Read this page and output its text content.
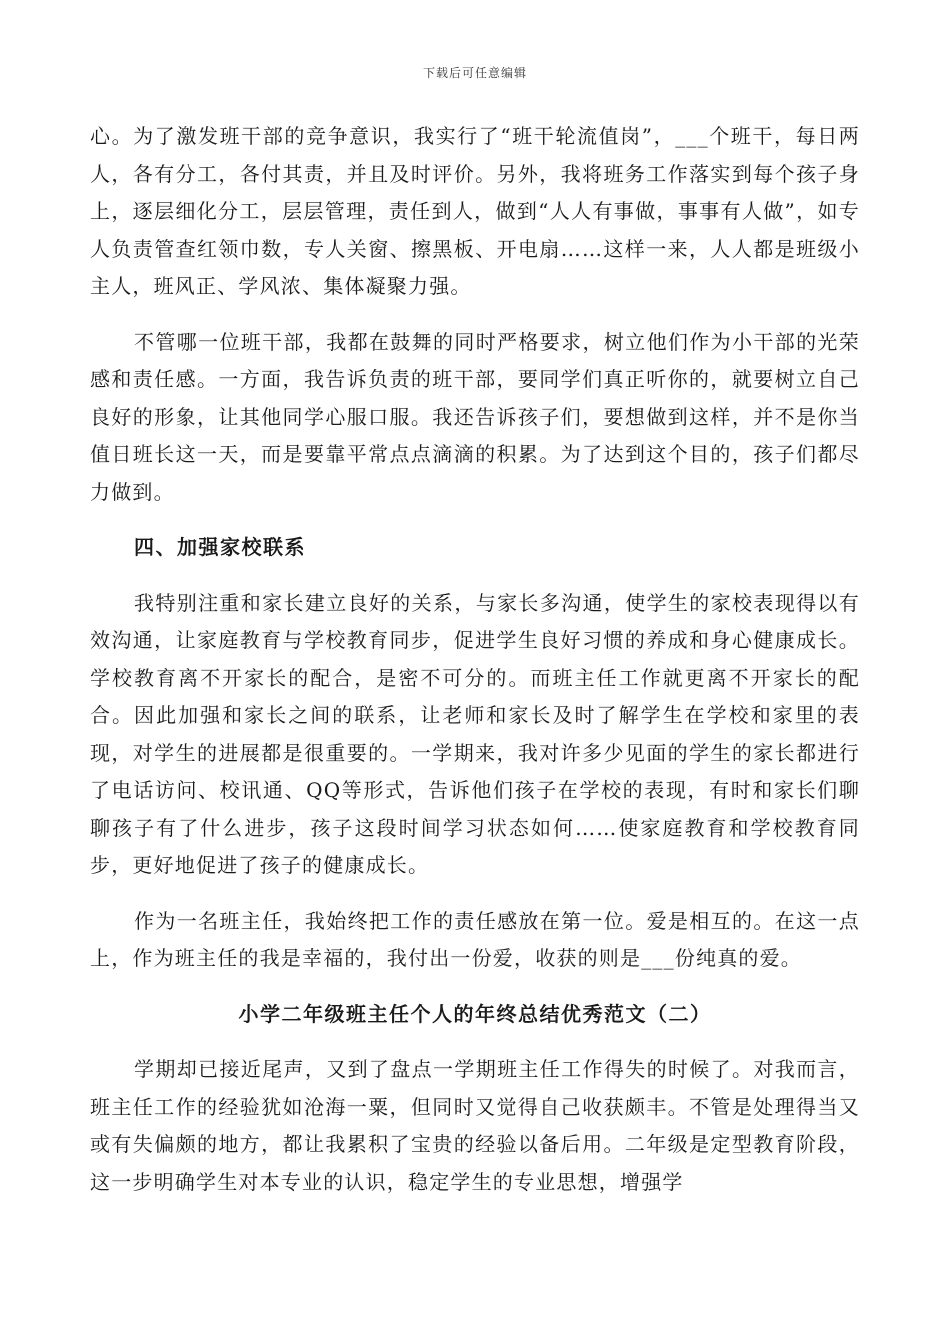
下载后可任意编辑

心。为了激发班干部的竞争意识，我实行了“班干轮流值岗”，___个班干，每日两人，各有分工，各付其责，并且及时评价。另外，我将班务工作落实到每个孩子身上，逐层细化分工，层层管理，责任到人，做到“人人有事做，事事有人做”，如专人负责管查红领巾数，专人关窗、擦黑板、开电扇……这样一来，人人都是班级小主人，班风正、学风浓、集体凝聚力强。

不管哪一位班干部，我都在鼓舞的同时严格要求，树立他们作为小干部的光荣感和责任感。一方面，我告诉负责的班干部，要同学们真正听你的，就要树立自己良好的形象，让其他同学心服口服。我还告诉孩子们，要想做到这样，并不是你当值日班长这一天，而是要靠平常点点滴滴的积累。为了达到这个目的，孩子们都尽力做到。

四、加强家校联系

我特别注重和家长建立良好的关系，与家长多沟通，使学生的家校表现得以有效沟通，让家庭教育与学校教育同步，促进学生良好习惯的养成和身心健康成长。学校教育离不开家长的配合，是密不可分的。而班主任工作就更离不开家长的配合。因此加强和家长之间的联系，让老师和家长及时了解学生在学校和家里的表现，对学生的进展都是很重要的。一学期来，我对许多少见面的学生的家长都进行了电话访问、校讯通、QQ等形式，告诉他们孩子在学校的表现，有时和家长们聊聊孩子有了什么进步，孩子这段时间学习状态如何……使家庭教育和学校教育同步，更好地促进了孩子的健康成长。

作为一名班主任，我始终把工作的责任感放在第一位。爱是相互的。在这一点上，作为班主任的我是幸福的，我付出一份爱，收获的则是___份纯真的爱。

小学二年级班主任个人的年终总结优秀范文（二）

学期却已接近尾声，又到了盘点一学期班主任工作得失的时候了。对我而言，班主任工作的经验犹如沧海一粟，但同时又觉得自己收获颇丰。不管是处理得当又或有失偏颇的地方，都让我累积了宝贵的经验以备后用。二年级是定型教育阶段，这一步明确学生对本专业的认识，稳定学生的专业思想，增强学
